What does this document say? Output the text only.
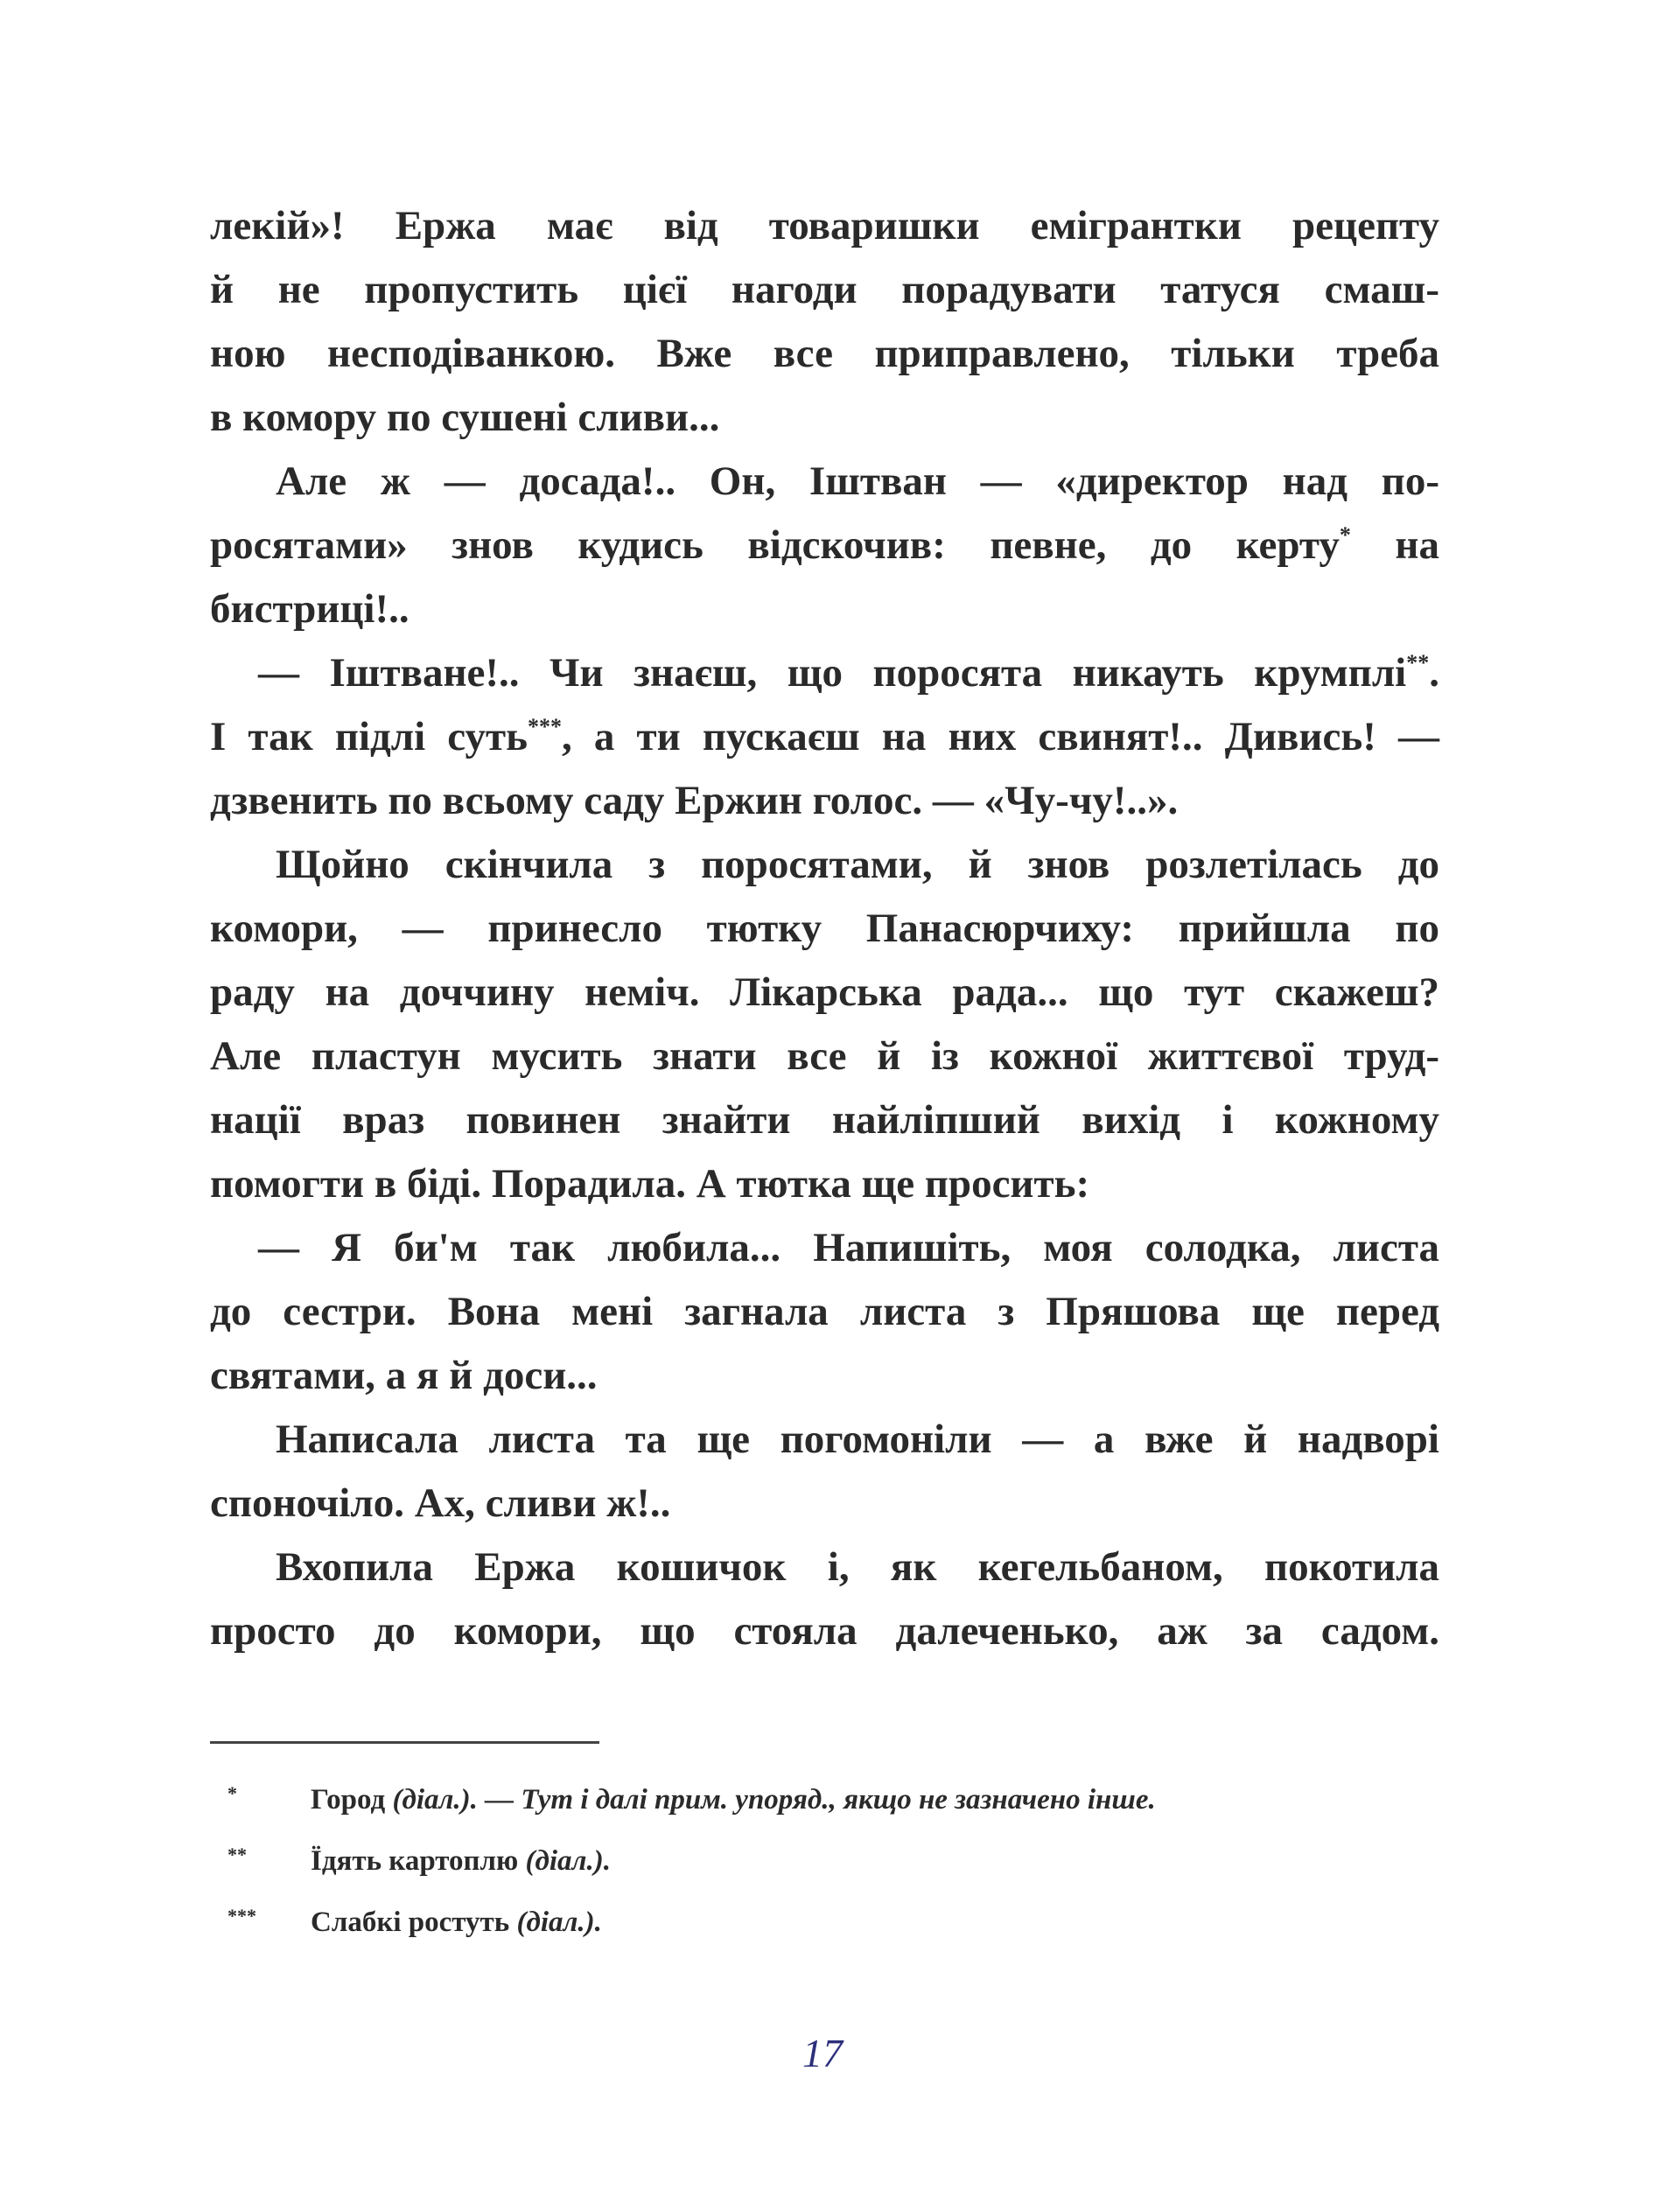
лекій»! Ержа має від товаришки емігрантки рецепту
й не пропустить цієї нагоди порадувати татуся смаш-
ною несподіванкою. Вже все приправлено, тільки треба
в комору по сушені сливи...
Але ж — досада!.. Он, Іштван — «директор над по-
росятами» знов кудись відскочив: певне, до керту* на
бистриці!..
— Іштване!.. Чи знаєш, що поросята никауть крумплі**.
І так підлі суть***, а ти пускаєш на них свинят!.. Дивись! —
дзвенить по всьому саду Ержин голос. — «Чу-чу!..».
Щойно скінчила з поросятами, й знов розлетілась до
комори, — принесло тютку Панасюрчиху: прийшла по
раду на доччину неміч. Лікарська рада... що тут скажеш?
Але пластун мусить знати все й із кожної життєвої труд-
нації враз повинен знайти найліпший вихід і кожному
помогти в біді. Порадила. А тютка ще просить:
— Я би'м так любила... Напишіть, моя солодка, листа
до сестри. Вона мені загнала листа з Пряшова ще перед
святами, а я й доси...
Написала листа та ще погомоніли — а вже й надворі
споночіло. Ах, сливи ж!..
Вхопила Ержа кошичок і, як кегельбаном, покотила
просто до комори, що стояла далеченько, аж за садом.
*	Город (діал.). — Тут і далі прим. упоряд., якщо не зазначено інше.
** Їдять картоплю (діал.).
*** Слабкі ростуть (діал.).
17
